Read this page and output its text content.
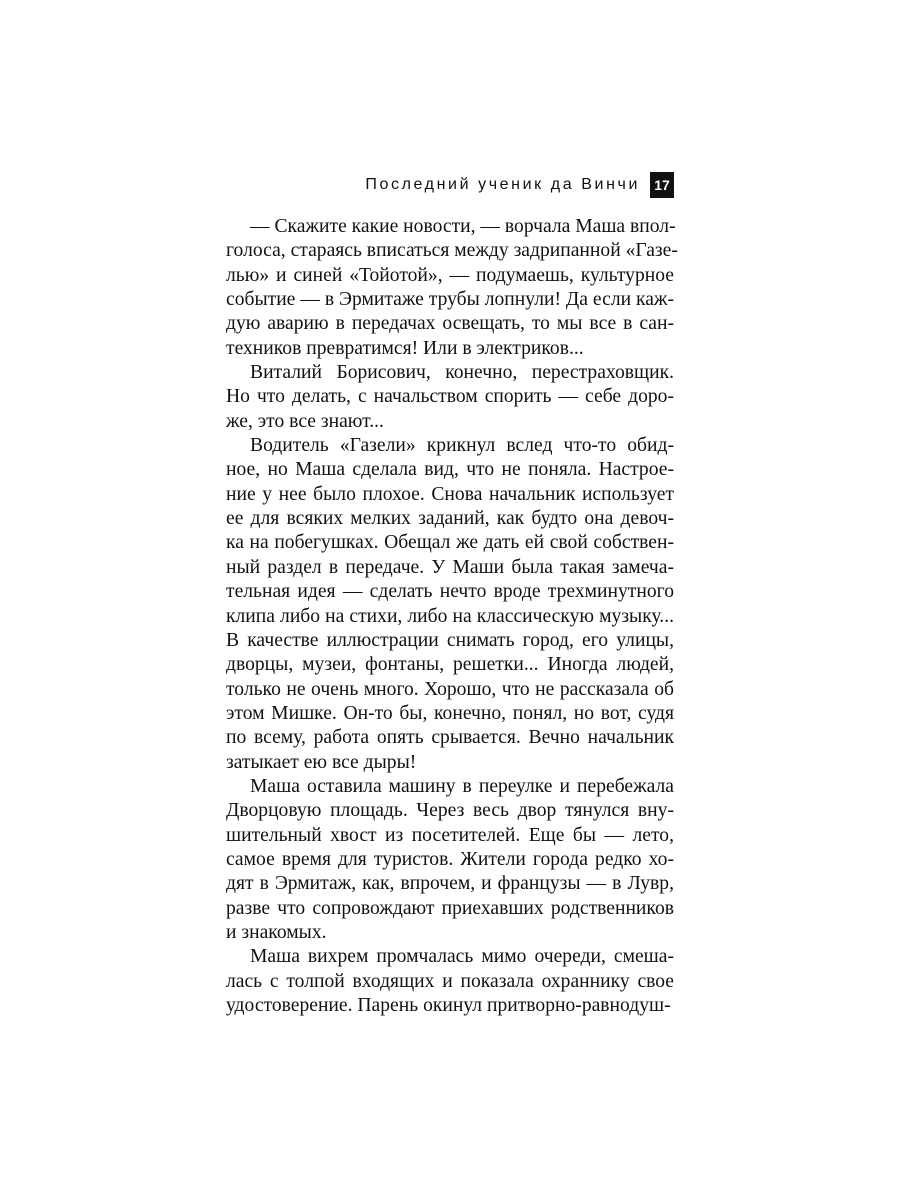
Последний ученик да Винчи	17
— Скажите какие новости, — ворчала Маша впол-
голоса, стараясь вписаться между задрипанной «Газе-
лью» и синей «Тойотой», — подумаешь, культурное
событие — в Эрмитаже трубы лопнули! Да если каж-
дую аварию в передачах освещать, то мы все в сан-
техников превратимся! Или в электриков...
Виталий Борисович, конечно, перестраховщик.
Но что делать, с начальством спорить — себе доро-
же, это все знают...
Водитель «Газели» крикнул вслед что-то обид-
ное, но Маша сделала вид, что не поняла. Настрое-
ние у нее было плохое. Снова начальник использует
ее для всяких мелких заданий, как будто она девоч-
ка на побегушках. Обещал же дать ей свой собствен-
ный раздел в передаче. У Маши была такая замеча-
тельная идея — сделать нечто вроде трехминутного
клипа либо на стихи, либо на классическую музыку...
В качестве иллюстрации снимать город, его улицы,
дворцы, музеи, фонтаны, решетки... Иногда людей,
только не очень много. Хорошо, что не рассказала об
этом Мишке. Он-то бы, конечно, понял, но вот, судя
по всему, работа опять срывается. Вечно начальник
затыкает ею все дыры!
Маша оставила машину в переулке и перебежала
Дворцовую площадь. Через весь двор тянулся вну-
шительный хвост из посетителей. Еще бы — лето,
самое время для туристов. Жители города редко хо-
дят в Эрмитаж, как, впрочем, и французы — в Лувр,
разве что сопровождают приехавших родственников
и знакомых.
Маша вихрем промчалась мимо очереди, смеша-
лась с толпой входящих и показала охраннику свое
удостоверение. Парень окинул притворно-равнодуш-
